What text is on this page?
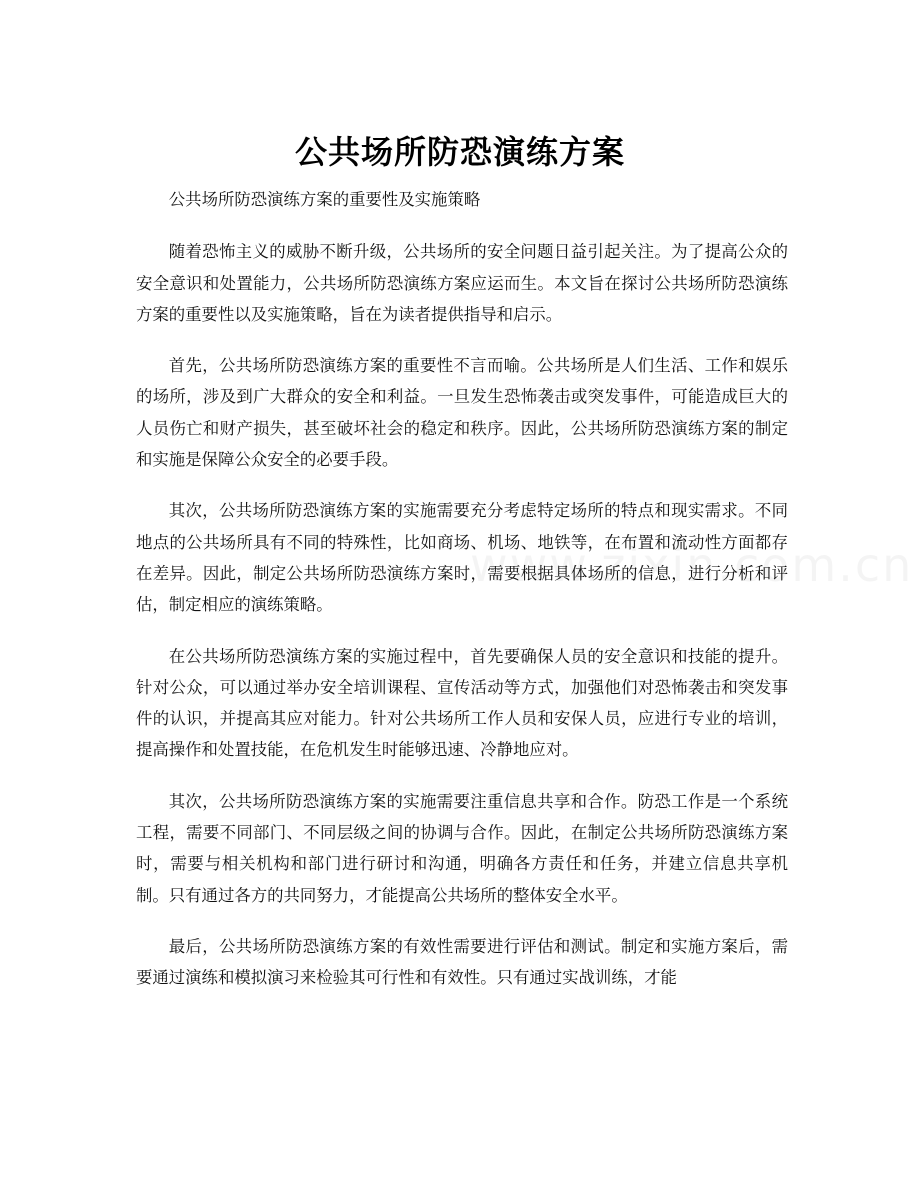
公共场所防恐演练方案

公共场所防恐演练方案的重要性及实施策略

随着恐怖主义的威胁不断升级，公共场所的安全问题日益引起关注。为了提高公众的安全意识和处置能力，公共场所防恐演练方案应运而生。本文旨在探讨公共场所防恐演练方案的重要性以及实施策略，旨在为读者提供指导和启示。

首先，公共场所防恐演练方案的重要性不言而喻。公共场所是人们生活、工作和娱乐的场所，涉及到广大群众的安全和利益。一旦发生恐怖袭击或突发事件，可能造成巨大的人员伤亡和财产损失，甚至破坏社会的稳定和秩序。因此，公共场所防恐演练方案的制定和实施是保障公众安全的必要手段。

其次，公共场所防恐演练方案的实施需要充分考虑特定场所的特点和现实需求。不同地点的公共场所具有不同的特殊性，比如商场、机场、地铁等，在布置和流动性方面都存在差异。因此，制定公共场所防恐演练方案时，需要根据具体场所的信息，进行分析和评估，制定相应的演练策略。

在公共场所防恐演练方案的实施过程中，首先要确保人员的安全意识和技能的提升。针对公众，可以通过举办安全培训课程、宣传活动等方式，加强他们对恐怖袭击和突发事件的认识，并提高其应对能力。针对公共场所工作人员和安保人员，应进行专业的培训，提高操作和处置技能，在危机发生时能够迅速、冷静地应对。

其次，公共场所防恐演练方案的实施需要注重信息共享和合作。防恐工作是一个系统工程，需要不同部门、不同层级之间的协调与合作。因此，在制定公共场所防恐演练方案时，需要与相关机构和部门进行研讨和沟通，明确各方责任和任务，并建立信息共享机制。只有通过各方的共同努力，才能提高公共场所的整体安全水平。

最后，公共场所防恐演练方案的有效性需要进行评估和测试。制定和实施方案后，需要通过演练和模拟演习来检验其可行性和有效性。只有通过实战训练，才能
